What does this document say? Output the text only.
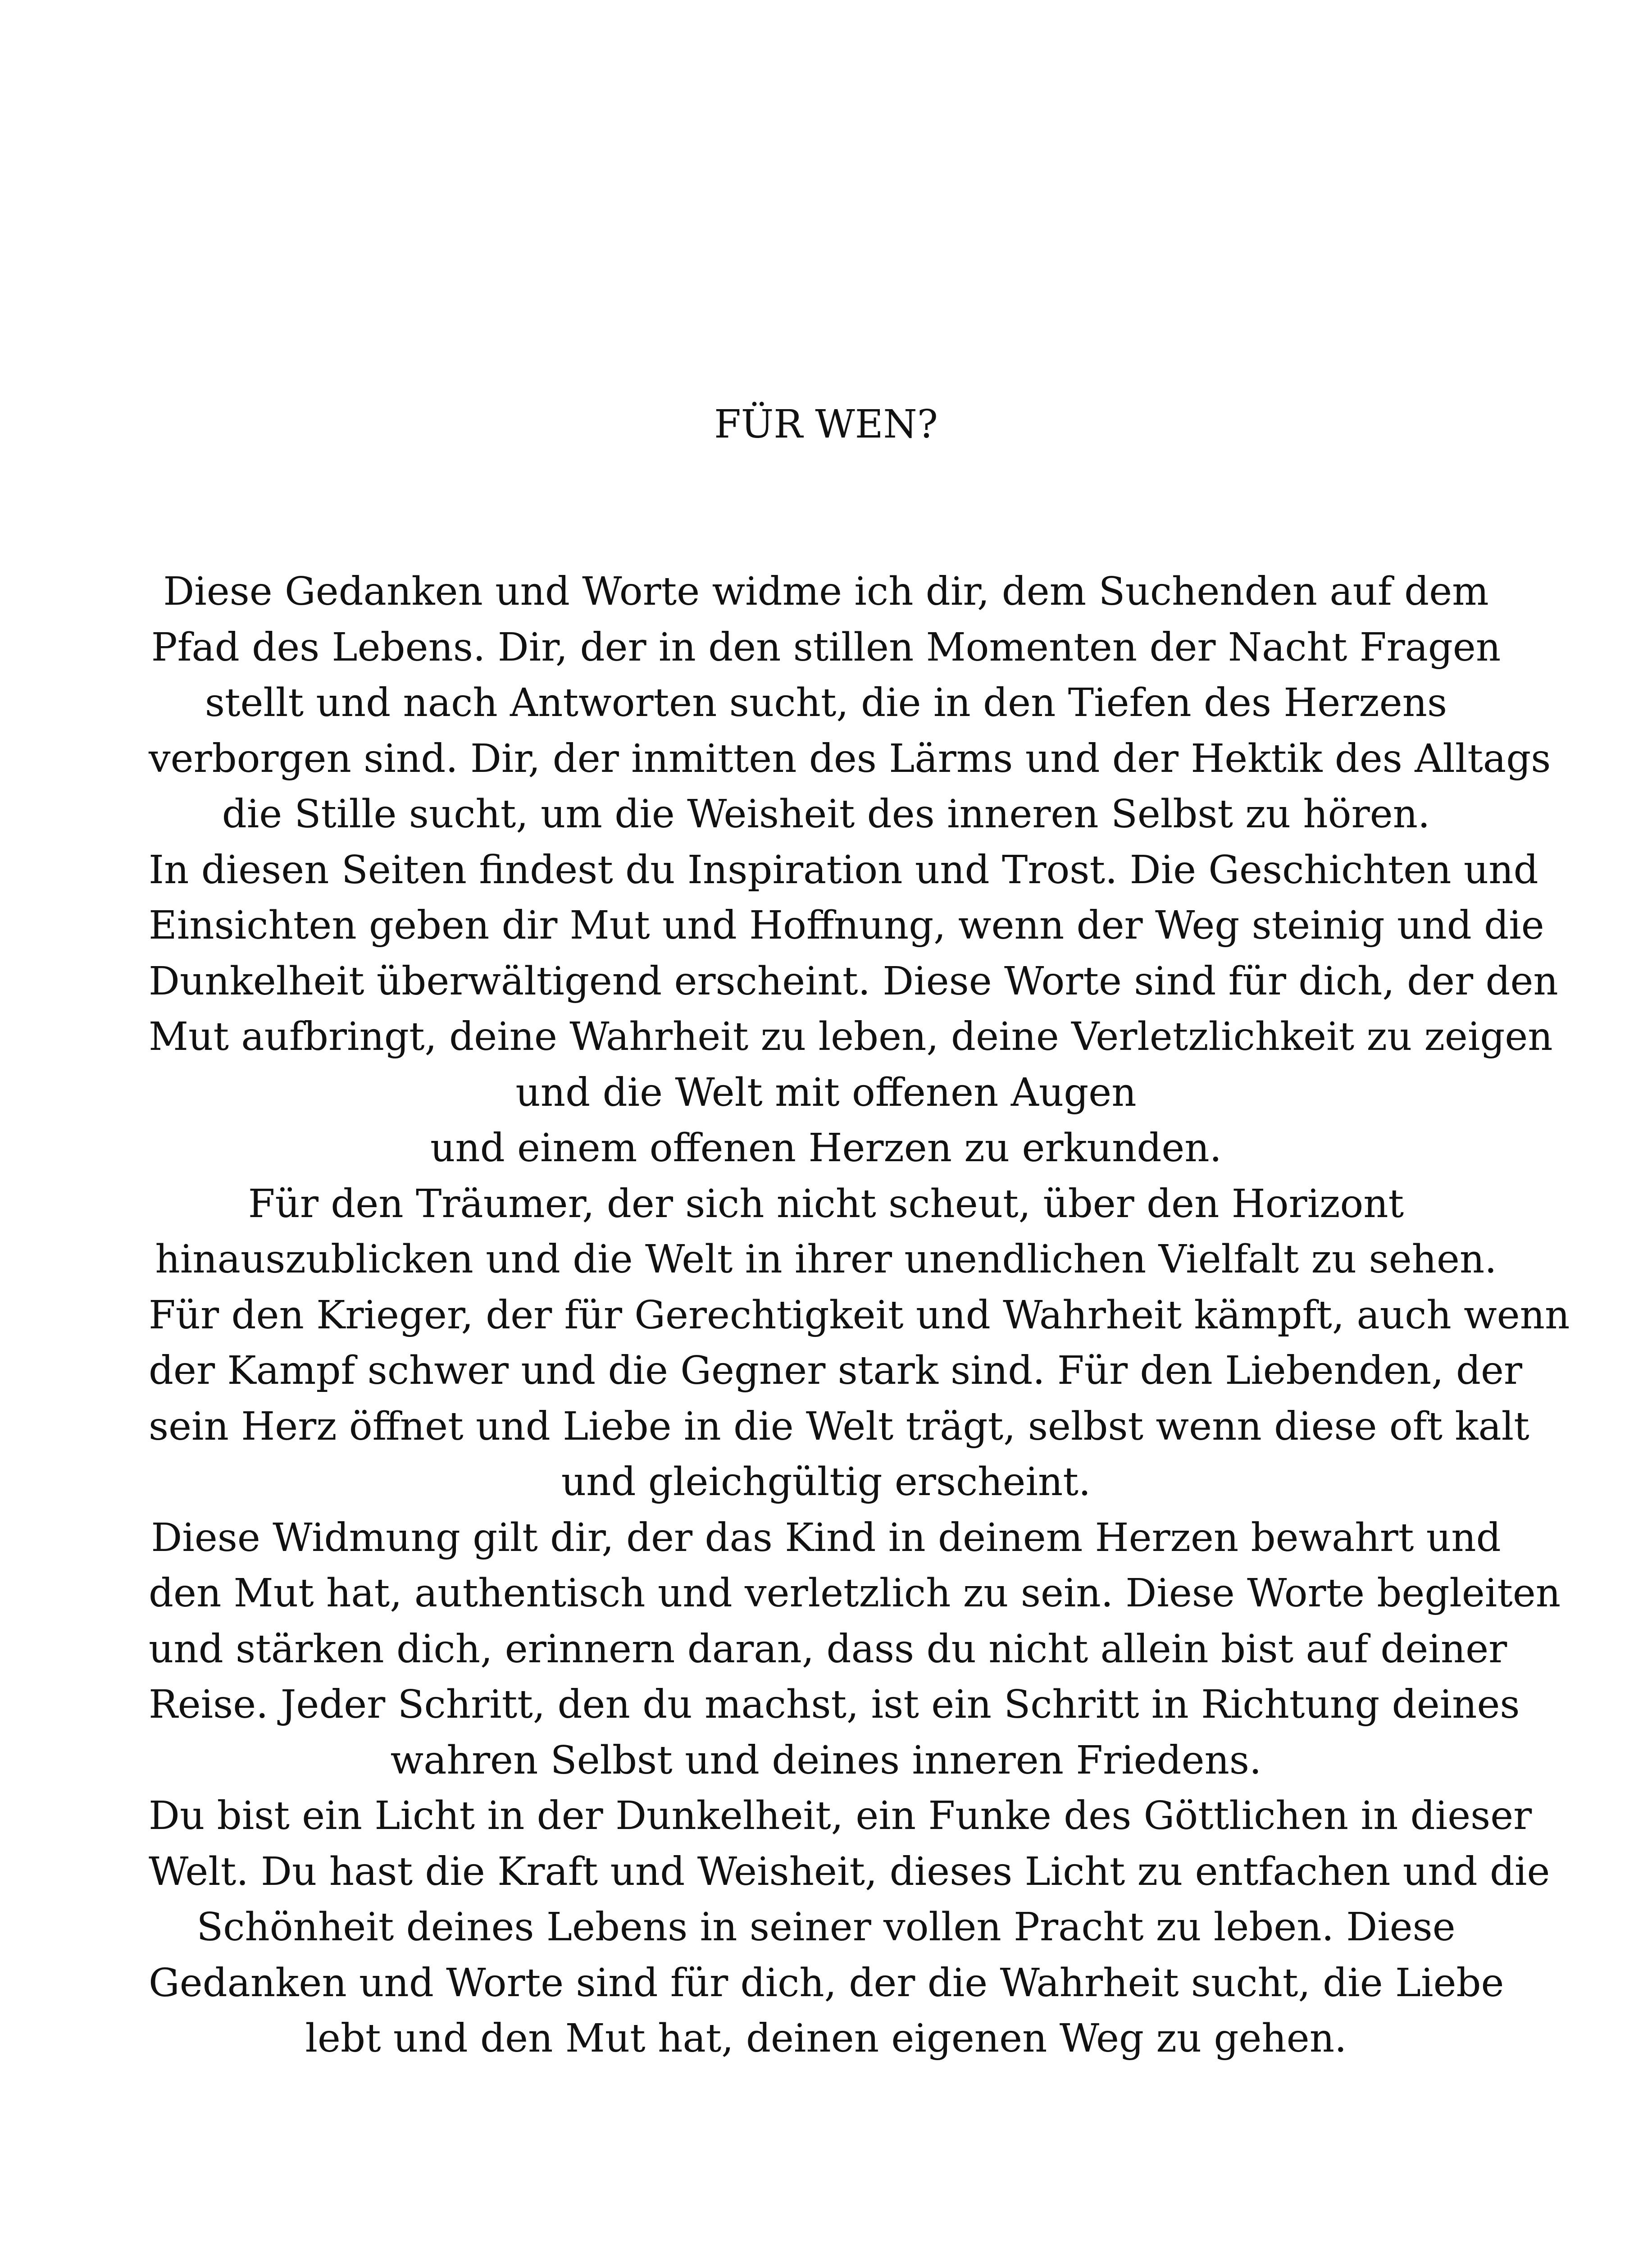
FÜR WEN?
Diese Gedanken und Worte widme ich dir, dem Suchenden auf dem
Pfad des Lebens. Dir, der in den stillen Momenten der Nacht Fragen
stellt und nach Antworten sucht, die in den Tiefen des Herzens
verborgen sind. Dir, der inmitten des Lärms und der Hektik des Alltags
die Stille sucht, um die Weisheit des inneren Selbst zu hören.
In diesen Seiten findest du Inspiration und Trost. Die Geschichten und
Einsichten geben dir Mut und Hoffnung, wenn der Weg steinig und die
Dunkelheit überwältigend erscheint. Diese Worte sind für dich, der den
Mut aufbringt, deine Wahrheit zu leben, deine Verletzlichkeit zu zeigen
und die Welt mit offenen Augen
und einem offenen Herzen zu erkunden.
Für den Träumer, der sich nicht scheut, über den Horizont
hinauszublicken und die Welt in ihrer unendlichen Vielfalt zu sehen.
Für den Krieger, der für Gerechtigkeit und Wahrheit kämpft, auch wenn
der Kampf schwer und die Gegner stark sind. Für den Liebenden, der
sein Herz öffnet und Liebe in die Welt trägt, selbst wenn diese oft kalt
und gleichgültig erscheint.
Diese Widmung gilt dir, der das Kind in deinem Herzen bewahrt und
den Mut hat, authentisch und verletzlich zu sein. Diese Worte begleiten
und stärken dich, erinnern daran, dass du nicht allein bist auf deiner
Reise. Jeder Schritt, den du machst, ist ein Schritt in Richtung deines
wahren Selbst und deines inneren Friedens.
Du bist ein Licht in der Dunkelheit, ein Funke des Göttlichen in dieser
Welt. Du hast die Kraft und Weisheit, dieses Licht zu entfachen und die
Schönheit deines Lebens in seiner vollen Pracht zu leben. Diese
Gedanken und Worte sind für dich, der die Wahrheit sucht, die Liebe
lebt und den Mut hat, deinen eigenen Weg zu gehen.
